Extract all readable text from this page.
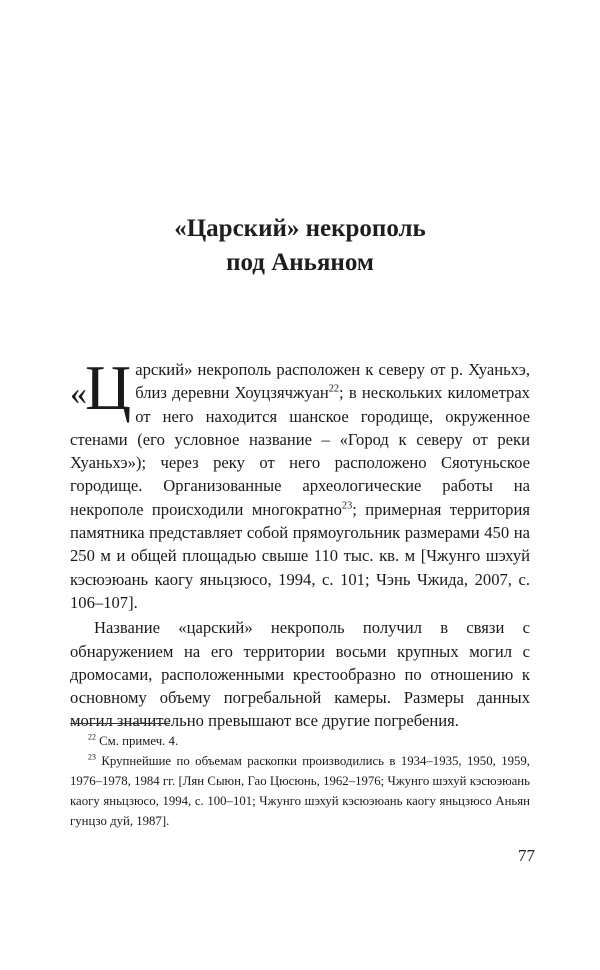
«Царский» некрополь
под Аньяном

« Ц арский» некрополь расположен к северу от р. Хуаньхэ, близ деревни Хоуцзячжуан$^{22}$; в нескольких километрах от него находится шанское городище, окруженное стенами (его условное название – «Город к северу от реки Хуаньхэ»); через реку от него расположено Сяотуньское городище. Организованные археологические работы на некрополе происходили многократно$^{23}$; примерная территория памятника представляет собой прямоугольник размерами 450 на 250 м и общей площадью свыше 110 тыс. кв. м [Чжунго шэхуй кэсюэюань каогу яньцзюсо, 1994, с. 101; Чэнь Чжида, 2007, с. 106–107].

Название «царский» некрополь получил в связи с обнаружением на его территории восьми крупных могил с дромосами, расположенными крестообразно по отношению к основному объему погребальной камеры. Размеры данных могил значительно превышают все другие погребения.

$^{22}$ См. примеч. 4.

$^{23}$ Крупнейшие по объемам раскопки производились в 1934–1935, 1950, 1959, 1976–1978, 1984 гг. [Лян Сыюн, Гао Цюсюнь, 1962–1976; Чжунго шэхуй кэсюэюань каогу яньцзюсо, 1994, с. 100–101; Чжунго шэхуй кэсюэюань каогу яньцзюсо Аньян гунцзо дуй, 1987].

77
